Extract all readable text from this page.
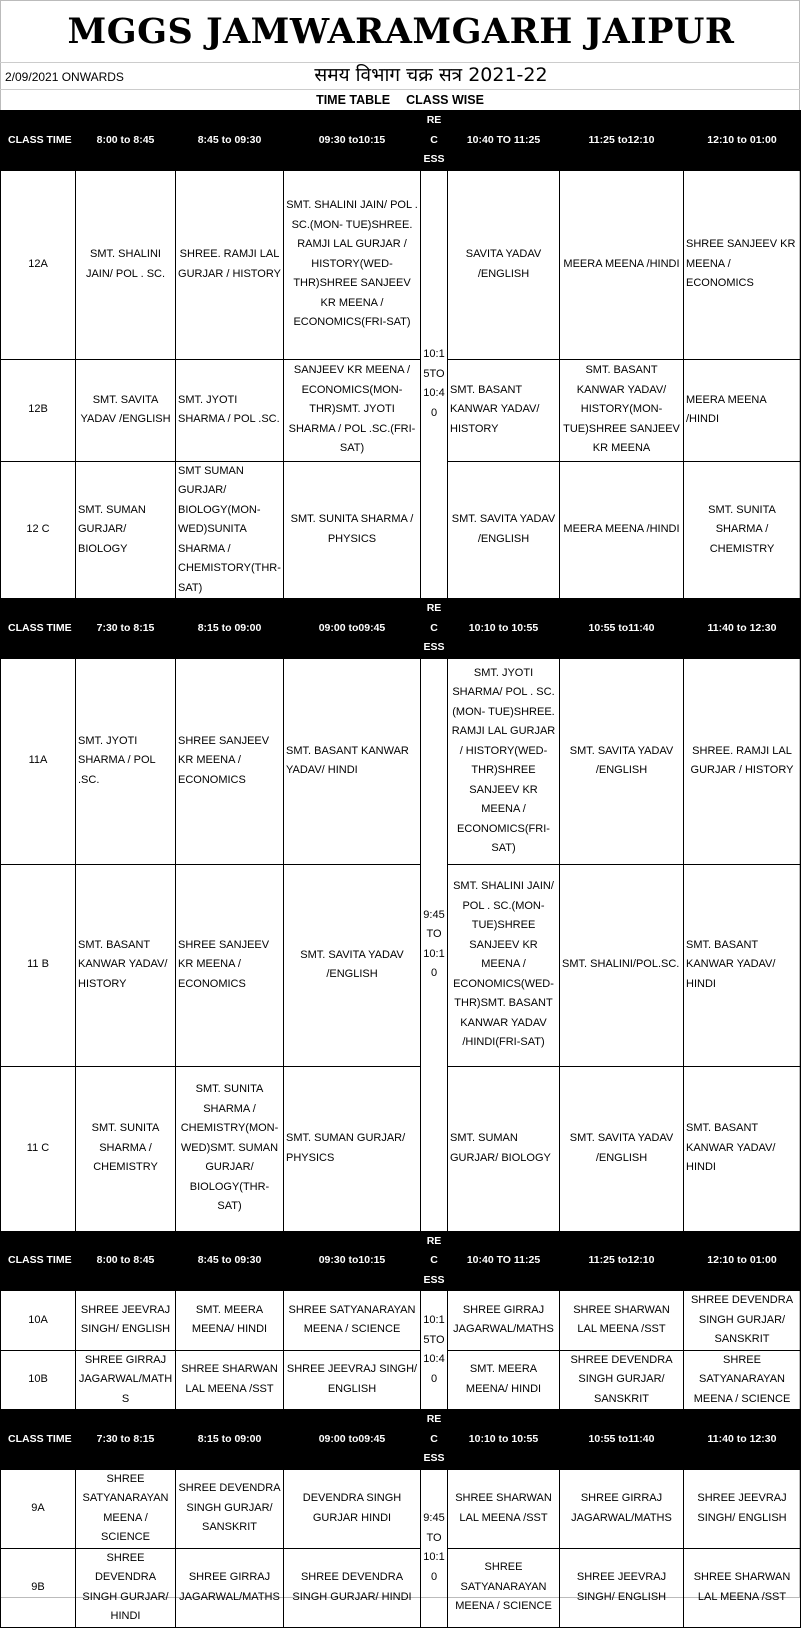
MGGS JAMWARAMGARH JAIPUR
2/09/2021 ONWARDS	समय विभाग चक्र सत्र 2021-22
TIME TABLE CLASS WISE
CLASS TIME	8:00 to 8:45	8:45 to 09:30	09:30 to10:15	REC ESS	10:40 TO 11:25	11:25 to12:10	12:10 to 01:00
12A	SMT. SHALINI JAIN/ POL . SC.	SHREE. RAMJI LAL GURJAR / HISTORY	SMT. SHALINI JAIN/ POL . SC.(MON- TUE)SHREE. RAMJI LAL GURJAR / HISTORY(WED- THR)SHREE SANJEEV KR MEENA / ECONOMICS(FRI-SAT)	10:1 5TO 10:4 0	SAVITA YADAV /ENGLISH	MEERA MEENA /HINDI	SHREE SANJEEV KR MEENA / ECONOMICS
12B	SMT. SAVITA YADAV /ENGLISH	SMT. JYOTI SHARMA / POL .SC.	SANJEEV KR MEENA / ECONOMICS(MON- THR)SMT. JYOTI SHARMA / POL .SC.(FRI- SAT)		SMT. BASANT KANWAR YADAV/ HISTORY	SMT. BASANT KANWAR YADAV/ HISTORY(MON- TUE)SHREE SANJEEV KR MEENA	MEERA MEENA /HINDI
12 C	SMT. SUMAN GURJAR/ BIOLOGY	SMT SUMAN GURJAR/ BIOLOGY(MON- WED)SUNITA SHARMA / CHEMISTORY(THR- SAT)	SMT. SUNITA SHARMA / PHYSICS		SMT. SAVITA YADAV /ENGLISH	MEERA MEENA /HINDI	SMT. SUNITA SHARMA / CHEMISTRY
CLASS TIME	7:30 to 8:15	8:15 to 09:00	09:00 to09:45	REC ESS	10:10 to 10:55	10:55 to11:40	11:40 to 12:30
11A	SMT. JYOTI SHARMA / POL .SC.	SHREE SANJEEV KR MEENA / ECONOMICS	SMT. BASANT KANWAR YADAV/ HINDI	9:45 TO 10:1 0	SMT. JYOTI SHARMA/ POL . SC.(MON- TUE)SHREE. RAMJI LAL GURJAR / HISTORY(WED- THR)SHREE SANJEEV KR MEENA / ECONOMICS(FRI- SAT)	SMT. SAVITA YADAV /ENGLISH	SHREE. RAMJI LAL GURJAR / HISTORY
11 B	SMT. BASANT KANWAR YADAV/ HISTORY	SHREE SANJEEV KR MEENA / ECONOMICS	SMT. SAVITA YADAV /ENGLISH		SMT. SHALINI JAIN/ POL . SC.(MON- TUE)SHREE SANJEEV KR MEENA / ECONOMICS(WED- THR)SMT. BASANT KANWAR YADAV /HINDI(FRI-SAT)	SMT. SHALINI/POL.SC.	SMT. BASANT KANWAR YADAV/ HINDI
11 C	SMT. SUNITA SHARMA / CHEMISTRY	SMT. SUNITA SHARMA / CHEMISTRY(MON- WED)SMT. SUMAN GURJAR/ BIOLOGY(THR- SAT)	SMT. SUMAN GURJAR/ PHYSICS		SMT. SUMAN GURJAR/ BIOLOGY	SMT. SAVITA YADAV /ENGLISH	SMT. BASANT KANWAR YADAV/ HINDI
CLASS TIME	8:00 to 8:45	8:45 to 09:30	09:30 to10:15	REC ESS	10:40 TO 11:25	11:25 to12:10	12:10 to 01:00
10A	SHREE JEEVRAJ SINGH/ ENGLISH	SMT. MEERA MEENA/ HINDI	SHREE SATYANARAYAN MEENA / SCIENCE	10:1 5TO 10:4 0	SHREE GIRRAJ JAGARWAL/MATHS	SHREE SHARWAN LAL MEENA /SST	SHREE DEVENDRA SINGH GURJAR/ SANSKRIT
10B	SHREE GIRRAJ JAGARWAL/MATH S	SHREE SHARWAN LAL MEENA /SST	SHREE JEEVRAJ SINGH/ ENGLISH		SMT. MEERA MEENA/ HINDI	SHREE DEVENDRA SINGH GURJAR/ SANSKRIT	SHREE SATYANARAYAN MEENA / SCIENCE
CLASS TIME	7:30 to 8:15	8:15 to 09:00	09:00 to09:45	REC ESS	10:10 to 10:55	10:55 to11:40	11:40 to 12:30
9A	SHREE SATYANARAYAN MEENA / SCIENCE	SHREE DEVENDRA SINGH GURJAR/ SANSKRIT	DEVENDRA SINGH GURJAR HINDI	9:45 TO 10:1 0	SHREE SHARWAN LAL MEENA /SST	SHREE GIRRAJ JAGARWAL/MATHS	SHREE JEEVRAJ SINGH/ ENGLISH
9B	SHREE DEVENDRA SINGH GURJAR/ HINDI	SHREE GIRRAJ JAGARWAL/MATHS	SHREE DEVENDRA SINGH GURJAR/ HINDI		SHREE SATYANARAYAN MEENA / SCIENCE	SHREE JEEVRAJ SINGH/ ENGLISH	SHREE SHARWAN LAL MEENA /SST
